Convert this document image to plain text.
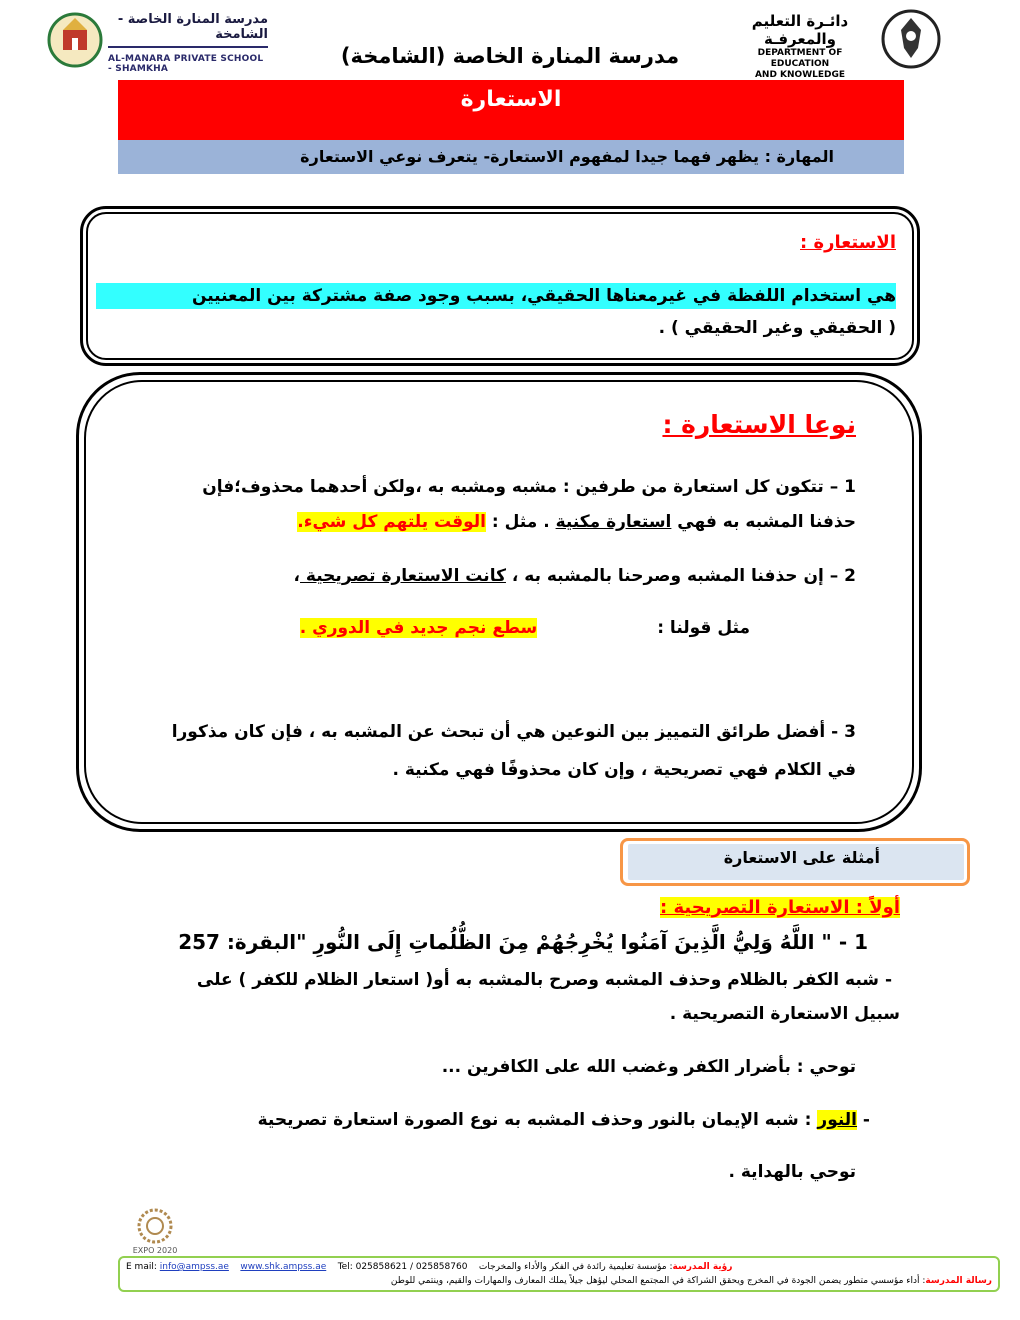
دائـرة التعليم والمعرفـة
DEPARTMENT OF EDUCATION
AND KNOWLEDGE
مدرسة المنارة الخاصة - الشامخة
AL-MANARA PRIVATE SCHOOL - SHAMKHA
مدرسة المنارة الخاصة (الشامخة)
الاستعارة
المهارة : يظهر فهما جيدا لمفهوم الاستعارة- يتعرف نوعي الاستعارة
الاستعارة :
هي استخدام اللفظة في غيرمعناها الحقيقي، بسبب وجود صفة مشتركة بين المعنيين
( الحقيقي وغير الحقيقي ) .
نوعا الاستعارة :
1 – تتكون كل استعارة من طرفين : مشبه ومشبه به ،ولكن أحدهما محذوف؛فإن
حذفنا المشبه به فهي استعارة مكنية . مثل : الوقت يلتهم كل شيء.
2 – إن حذفنا المشبه وصرحنا بالمشبه به ، كانت الاستعارة تصريحية ،
مثل قولنا :سطع نجم جديد في الدوري .
3 - أفضل طرائق التمييز بين النوعين هي أن تبحث عن المشبه به ، فإن كان مذكورا
في الكلام فهي تصريحية ، وإن كان محذوفًا فهي مكنية .
أمثلة على الاستعارة
أولاً : الاستعارة التصريحية :
1 - " اللَّهُ وَلِيُّ الَّذِينَ آمَنُوا يُخْرِجُهُمْ مِنَ الظُّلُماتِ إِلَى النُّورِ "البقرة: 257
- شبه الكفر بالظلام وحذف المشبه وصرح بالمشبه به أو( استعار الظلام للكفر ) على
سبيل الاستعارة التصريحية .
توحي : بأضرار الكفر وغضب الله على الكافرين ...
- النور : شبه الإيمان بالنور وحذف المشبه به نوع الصورة استعارة تصريحية
توحي بالهداية .
EXPO 2020
E mail: info@ampss.ae www.shk.ampss.ae Tel: 025858621 / 025858760	رؤية المدرسة: مؤسسة تعليمية رائدة في الفكر والأداء والمخرجات
رسالة المدرسة: أداء مؤسسي متطور يضمن الجودة في المخرج ويحقق الشراكة في المجتمع المحلي ليؤهل جيلاً يملك المعارف والمهارات والقيم، وينتمي للوطن
